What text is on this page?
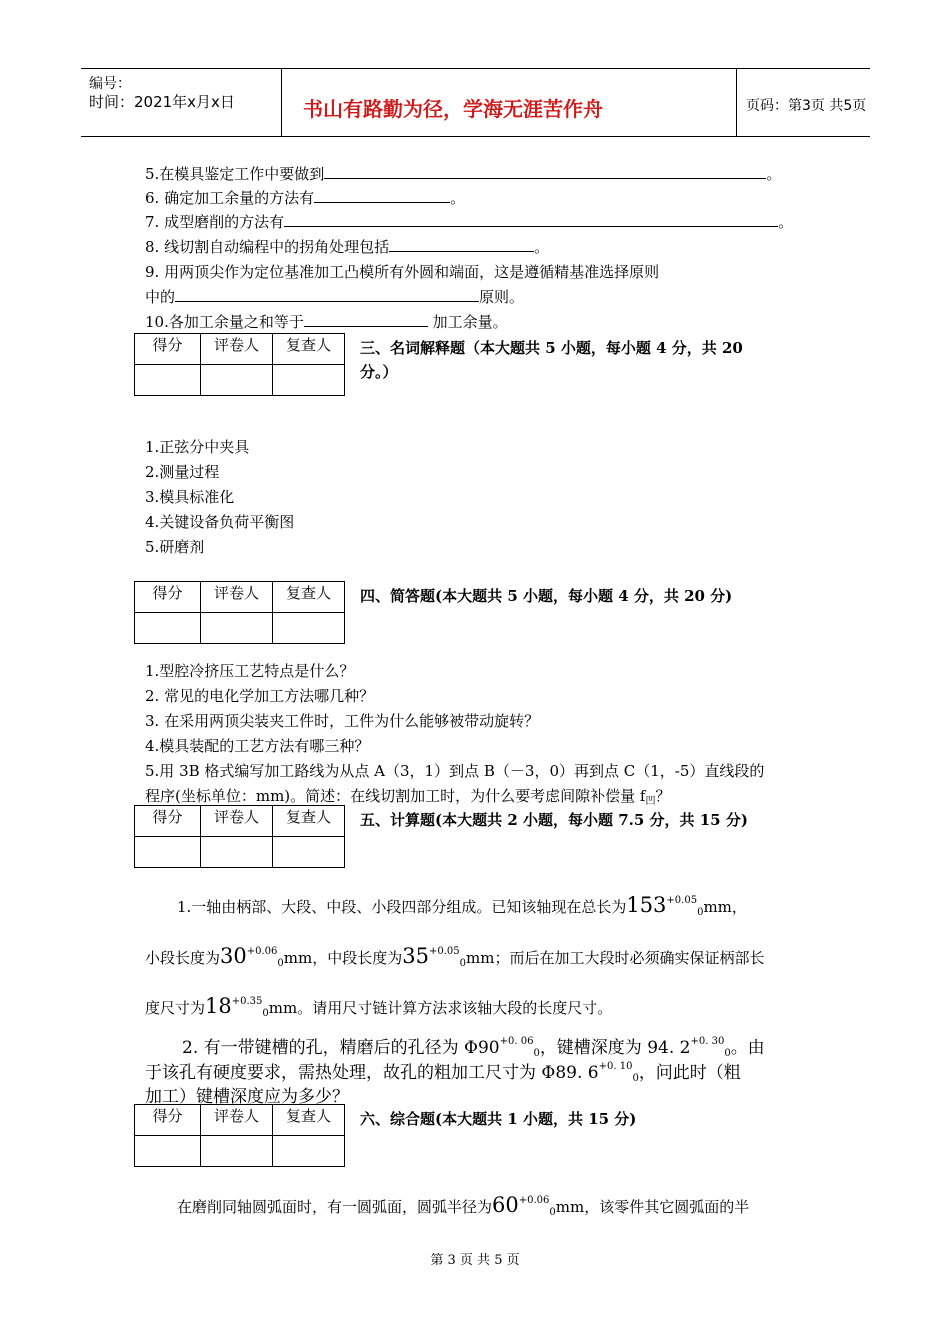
编号：
时间：2021年x月x日	书山有路勤为径，学海无涯苦作舟	页码：第3页 共5页
5.在模具鉴定工作中要做到	。
6. 确定加工余量的方法有	。
7. 成型磨削的方法有	。
8. 线切割自动编程中的拐角处理包括	。
9. 用两顶尖作为定位基准加工凸模所有外圆和端面，这是遵循精基准选择原则
中的	原则。
10.各加工余量之和等于	加工余量。
得分	评卷人	复查人
		三、名词解释题（本大题共 5 小题，每小题 4 分，共 20
分。）
1.正弦分中夹具
2.测量过程
3.模具标准化
4.关键设备负荷平衡图
5.研磨剂
得分	评卷人	复查人
		四、简答题(本大题共 5 小题，每小题 4 分，共 20 分)
1.型腔冷挤压工艺特点是什么？
2. 常见的电化学加工方法哪几种？
3. 在采用两顶尖装夹工件时，工件为什么能够被带动旋转？
4.模具装配的工艺方法有哪三种？
5.用 3B 格式编写加工路线为从点 A（3，1）到点 B（－3，0）再到点 C（1，-5）直线段的
程序(坐标单位：mm)。简述：在线切割加工时，为什么要考虑间隙补偿量 $f_凹$？
得分	评卷人	复查人
		五、计算题(本大题共 2 小题，每小题 7.5 分，共 15 分)
1.一轴由柄部、大段、中段、小段四部分组成。已知该轴现在总长为$153^{+0.05}_0mm$，
小段长度为$30^{+0.06}_0mm$，中段长度为$35^{+0.05}_0mm$；而后在加工大段时必须确实保证柄部长
度尺寸为$18^{+0.35}_0mm$。请用尺寸链计算方法求该轴大段的长度尺寸。
2. 有一带键槽的孔，精磨后的孔径为 $\Phi 90^{+0. 06}_0$，键槽深度为 94. $2^{+0. 30}_0$。由
于该孔有硬度要求，需热处理，故孔的粗加工尺寸为 Φ89. $6^{+0. 10}_0$，问此时（粗
加工）键槽深度应为多少？
得分	评卷人	复查人
		六、综合题(本大题共 1 小题，共 15 分)
在磨削同轴圆弧面时，有一圆弧面，圆弧半径为$60^{+0.06}_0mm$，该零件其它圆弧面的半
第 3 页 共 5 页
